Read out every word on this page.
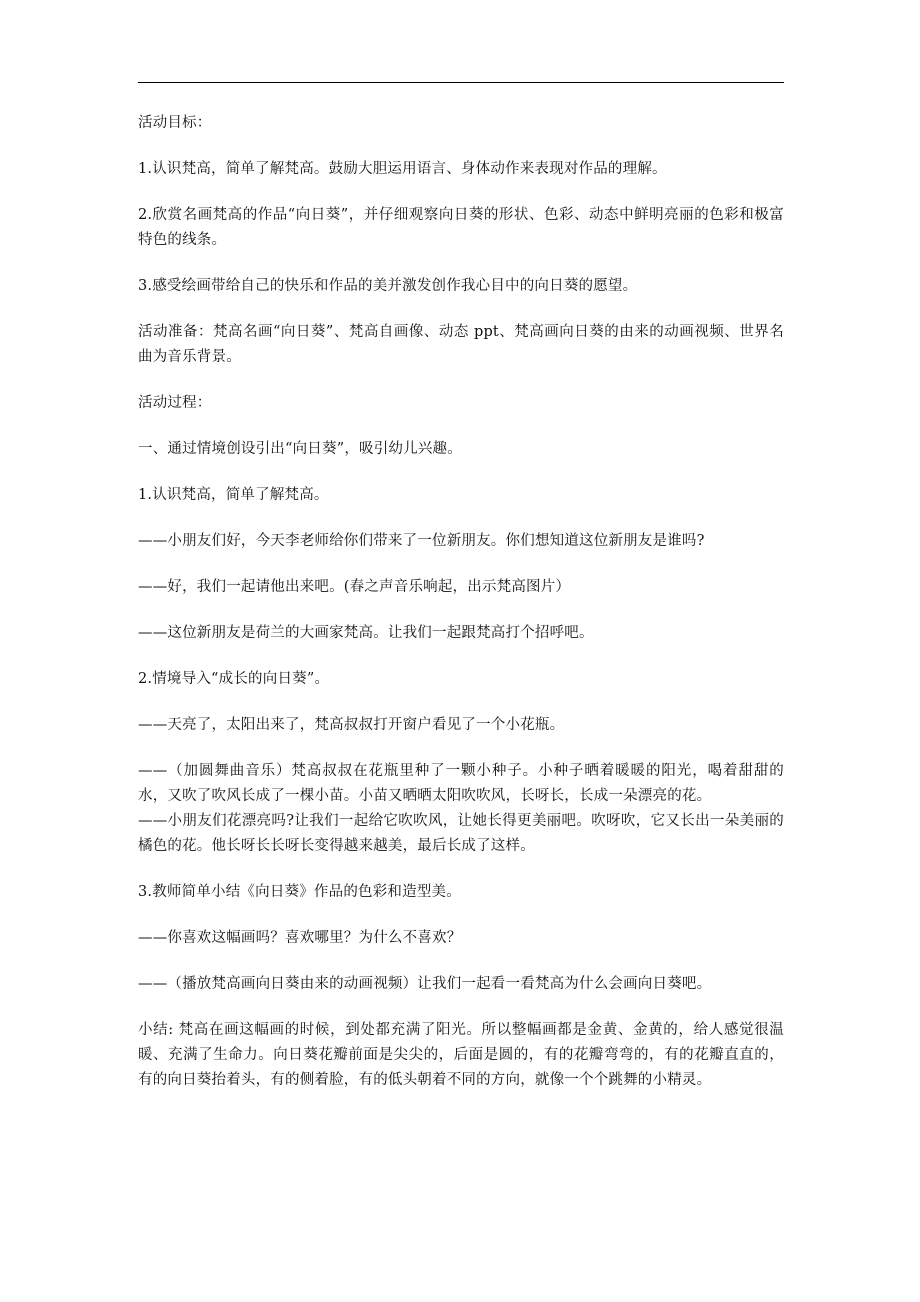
活动目标：

1.认识梵高，简单了解梵高。鼓励大胆运用语言、身体动作来表现对作品的理解。

2.欣赏名画梵高的作品“向日葵”，并仔细观察向日葵的形状、色彩、动态中鲜明亮丽的色彩和极富特色的线条。

3.感受绘画带给自己的快乐和作品的美并激发创作我心目中的向日葵的愿望。

活动准备：梵高名画“向日葵”、梵高自画像、动态 ppt、梵高画向日葵的由来的动画视频、世界名曲为音乐背景。

活动过程：

一、通过情境创设引出“向日葵”，吸引幼儿兴趣。

1.认识梵高，简单了解梵高。

——小朋友们好，今天李老师给你们带来了一位新朋友。你们想知道这位新朋友是谁吗?

——好，我们一起请他出来吧。(春之声音乐响起，出示梵高图片）

——这位新朋友是荷兰的大画家梵高。让我们一起跟梵高打个招呼吧。

2.情境导入“成长的向日葵”。

——天亮了，太阳出来了，梵高叔叔打开窗户看见了一个小花瓶。

——（加圆舞曲音乐）梵高叔叔在花瓶里种了一颗小种子。小种子晒着暖暖的阳光，喝着甜甜的水，又吹了吹风长成了一棵小苗。小苗又晒晒太阳吹吹风，长呀长，长成一朵漂亮的花。

——小朋友们花漂亮吗?让我们一起给它吹吹风，让她长得更美丽吧。吹呀吹，它又长出一朵美丽的橘色的花。他长呀长长呀长变得越来越美，最后长成了这样。

3.教师简单小结《向日葵》作品的色彩和造型美。

——你喜欢这幅画吗？喜欢哪里？为什么不喜欢？

——（播放梵高画向日葵由来的动画视频）让我们一起看一看梵高为什么会画向日葵吧。

小结: 梵高在画这幅画的时候，到处都充满了阳光。所以整幅画都是金黄、金黄的，给人感觉很温暖、充满了生命力。向日葵花瓣前面是尖尖的，后面是圆的，有的花瓣弯弯的，有的花瓣直直的，有的向日葵抬着头，有的侧着脸，有的低头朝着不同的方向，就像一个个跳舞的小精灵。
